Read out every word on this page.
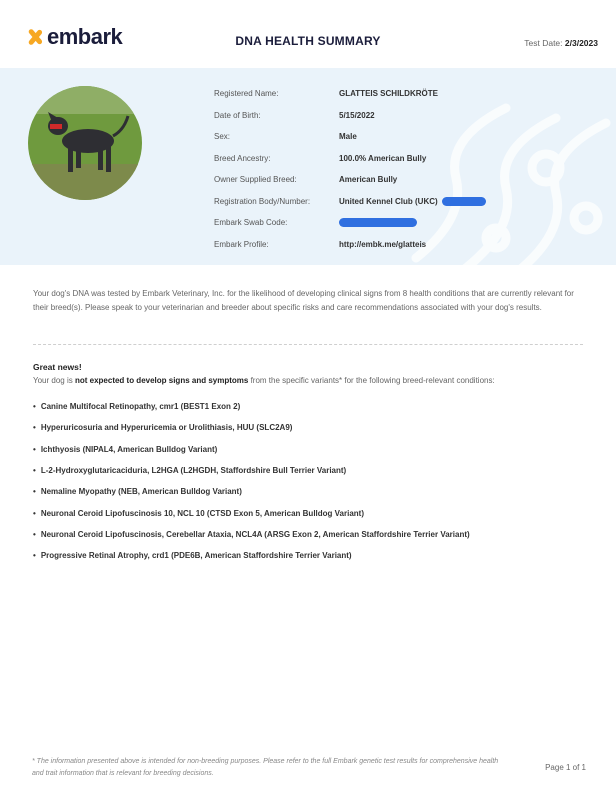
embark	DNA HEALTH SUMMARY	Test Date: 2/3/2023
Registered Name:	GLATTEIS SCHILDKRÖTE
Date of Birth:	5/15/2022
Sex:	Male
Breed Ancestry:	100.0% American Bully
Owner Supplied Breed:	American Bully
Registration Body/Number:	United Kennel Club (UKC)
Embark Swab Code:
Embark Profile:	http://embk.me/glatteis
Your dog's DNA was tested by Embark Veterinary, Inc. for the likelihood of developing clinical signs from 8 health conditions that are currently relevant for their breed(s). Please speak to your veterinarian and breeder about specific risks and care recommendations associated with your dog's results.
Great news!
Your dog is not expected to develop signs and symptoms from the specific variants* for the following breed-relevant conditions:
• Canine Multifocal Retinopathy, cmr1 (BEST1 Exon 2)
• Hyperuricosuria and Hyperuricemia or Urolithiasis, HUU (SLC2A9)
• Ichthyosis (NIPAL4, American Bulldog Variant)
• L-2-Hydroxyglutaricaciduria, L2HGA (L2HGDH, Staffordshire Bull Terrier Variant)
• Nemaline Myopathy (NEB, American Bulldog Variant)
• Neuronal Ceroid Lipofuscinosis 10, NCL 10 (CTSD Exon 5, American Bulldog Variant)
• Neuronal Ceroid Lipofuscinosis, Cerebellar Ataxia, NCL4A (ARSG Exon 2, American Staffordshire Terrier Variant)
• Progressive Retinal Atrophy, crd1 (PDE6B, American Staffordshire Terrier Variant)
* The information presented above is intended for non-breeding purposes. Please refer to the full Embark genetic test results for comprehensive health and trait information that is relevant for breeding decisions.
Page 1 of 1
